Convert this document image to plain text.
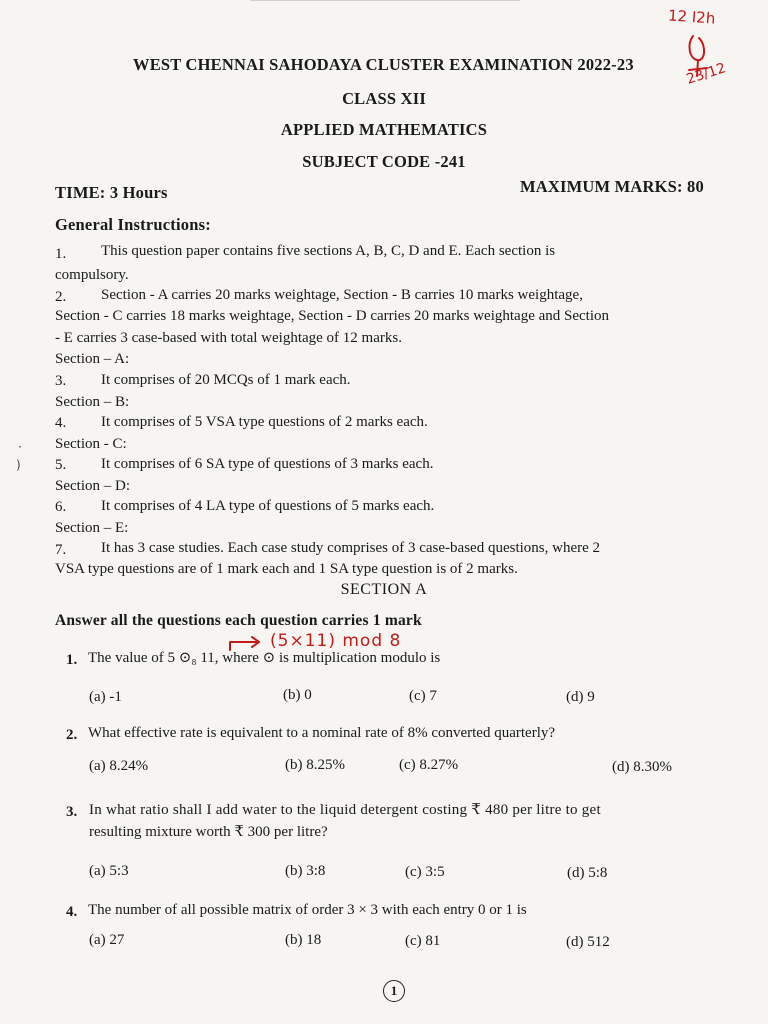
12 I2h
23/12
WEST CHENNAI SAHODAYA CLUSTER EXAMINATION 2022-23
CLASS XII
APPLIED MATHEMATICS
SUBJECT CODE -241
TIME: 3 Hours	MAXIMUM MARKS: 80
General Instructions:
1. This question paper contains five sections A, B, C, D and E. Each section is
compulsory.
2. Section - A carries 20 marks weightage, Section - B carries 10 marks weightage,
Section - C carries 18 marks weightage, Section - D carries 20 marks weightage and Section
- E carries 3 case-based with total weightage of 12 marks.
Section – A:
3. It comprises of 20 MCQs of 1 mark each.
Section – B:
4. It comprises of 5 VSA type questions of 2 marks each.
Section - C:
5. It comprises of 6 SA type of questions of 3 marks each.
Section – D:
6. It comprises of 4 LA type of questions of 5 marks each.
Section – E:
7. It has 3 case studies. Each case study comprises of 3 case-based questions, where 2
VSA type questions are of 1 mark each and 1 SA type question is of 2 marks.
·
)
SECTION A
Answer all the questions each question carries 1 mark
(5×11) mod 8
1. The value of 5 ⊙₈ 11, where ⊙ is multiplication modulo is
(a) -1	(b) 0	(c) 7	(d) 9
2. What effective rate is equivalent to a nominal rate of 8% converted quarterly?
(a) 8.24%	(b) 8.25%	(c) 8.27%	(d) 8.30%
3. In what ratio shall I add water to the liquid detergent costing ₹ 480 per litre to get
resulting mixture worth ₹ 300 per litre?
(a) 5:3	(b) 3:8	(c) 3:5	(d) 5:8
4. The number of all possible matrix of order 3 × 3 with each entry 0 or 1 is
(a) 27	(b) 18	(c) 81	(d) 512
1
